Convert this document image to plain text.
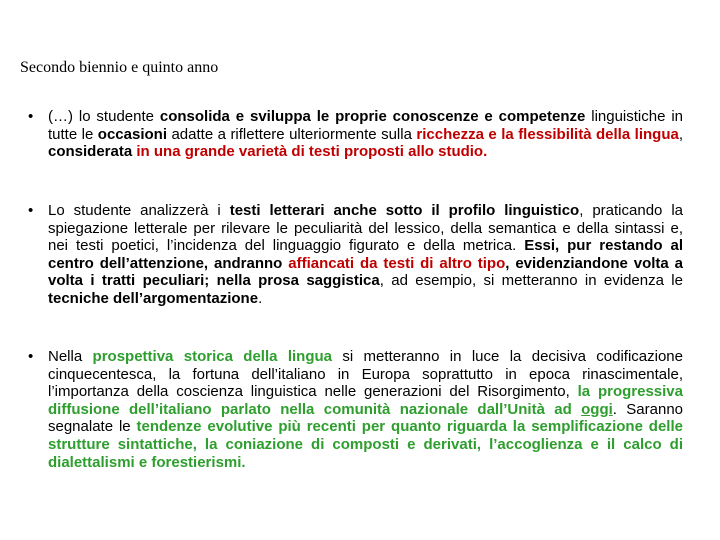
Secondo biennio e quinto anno
• (…) lo studente consolida e sviluppa le proprie conoscenze e competenze linguistiche in tutte le occasioni adatte a riflettere ulteriormente sulla ricchezza e la flessibilità della lingua, considerata in una grande varietà di testi proposti allo studio.

• Lo studente analizzerà i testi letterari anche sotto il profilo linguistico, praticando la spiegazione letterale per rilevare le peculiarità del lessico, della semantica e della sintassi e, nei testi poetici, l’incidenza del linguaggio figurato e della metrica. Essi, pur restando al centro dell’attenzione, andranno affiancati da testi di altro tipo, evidenziandone volta a volta i tratti peculiari; nella prosa saggistica, ad esempio, si metteranno in evidenza le tecniche dell’argomentazione.

• Nella prospettiva storica della lingua si metteranno in luce la decisiva codificazione cinquecentesca, la fortuna dell’italiano in Europa soprattutto in epoca rinascimentale, l’importanza della coscienza linguistica nelle generazioni del Risorgimento, la progressiva diffusione dell’italiano parlato nella comunità nazionale dall’Unità ad oggi. Saranno segnalate le tendenze evolutive più recenti per quanto riguarda la semplificazione delle strutture sintattiche, la coniazione di composti e derivati, l’accoglienza e il calco di dialettalismi e forestierismi.
